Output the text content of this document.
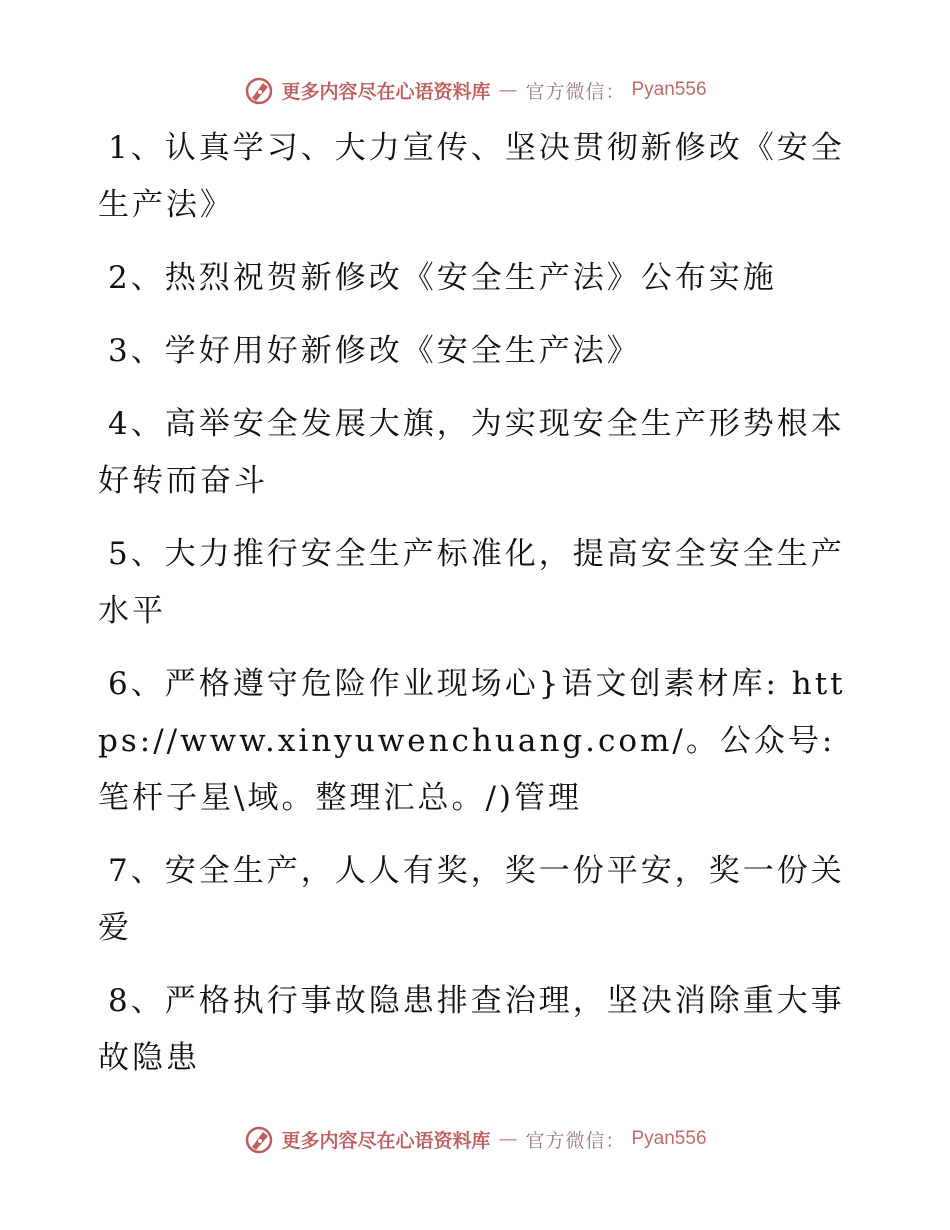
更多内容尽在心语资料库 — 官方微信： Pyan556

1、认真学习、大力宣传、坚决贯彻新修改《安全生产法》

2、热烈祝贺新修改《安全生产法》公布实施

3、学好用好新修改《安全生产法》

4、高举安全发展大旗，为实现安全生产形势根本好转而奋斗

5、大力推行安全生产标准化，提高安全安全生产水平

6、严格遵守危险作业现场心}语文创素材库: https://www.xinyuwenchuang.com/。公众号: 笔杆子星\域。整理汇总。/)管理

7、安全生产，人人有奖，奖一份平安，奖一份关爱

8、严格执行事故隐患排查治理，坚决消除重大事故隐患

更多内容尽在心语资料库 — 官方微信： Pyan556
